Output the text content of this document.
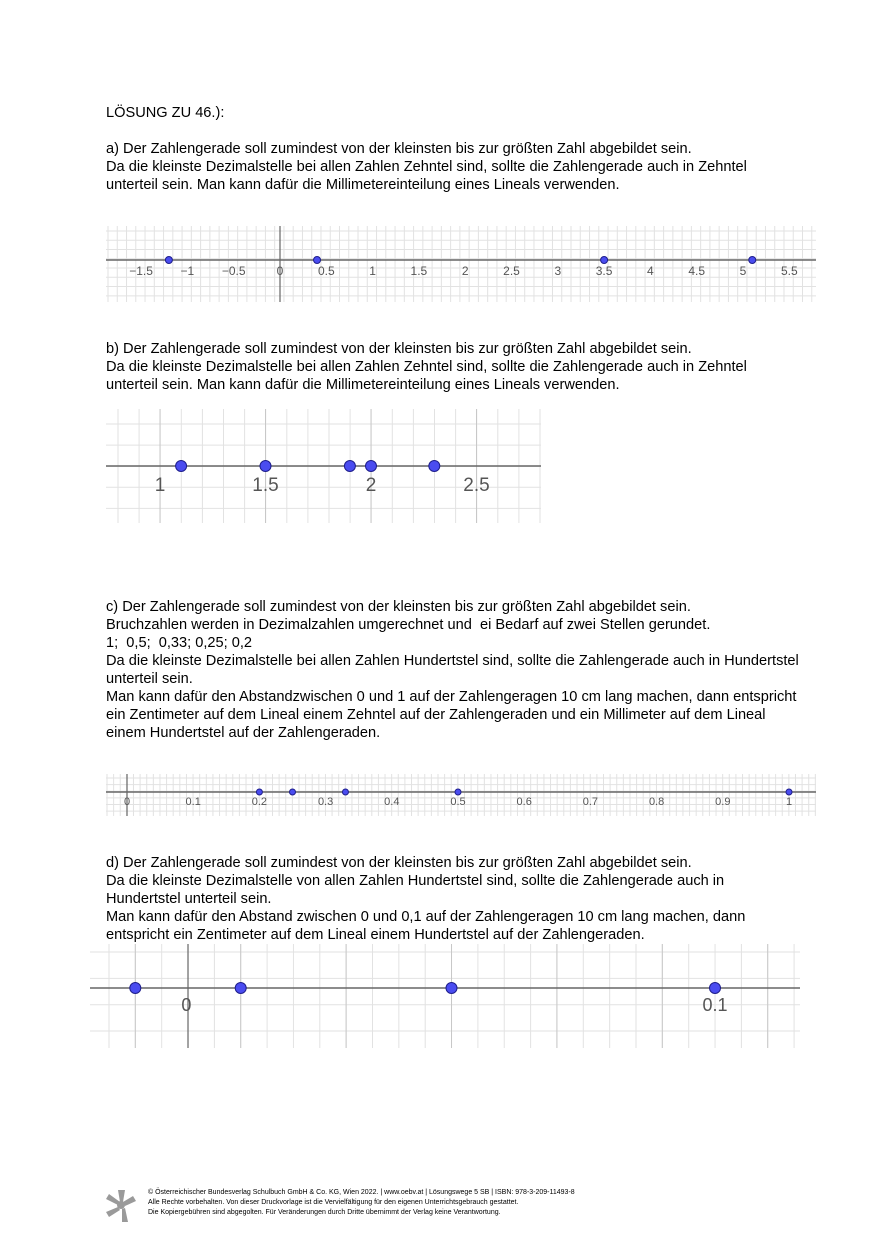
LÖSUNG ZU 46.):

a) Der Zahlengerade soll zumindest von der kleinsten bis zur größten Zahl abgebildet sein.

Da die kleinste Dezimalstelle bei allen Zahlen Zehntel sind, sollte die Zahlengerade auch in Zehntel

unterteil sein. Man kann dafür die Millimetereinteilung eines Lineals verwenden.

−1.5 −1 −0.5	0	0.5	1	1.5	2	2.5	3	3.5	4	4.5	5	5.5

b) Der Zahlengerade soll zumindest von der kleinsten bis zur größten Zahl abgebildet sein.

Da die kleinste Dezimalstelle bei allen Zahlen Zehntel sind, sollte die Zahlengerade auch in Zehntel

unterteil sein. Man kann dafür die Millimetereinteilung eines Lineals verwenden.

1	1.5	2	2.5

c) Der Zahlengerade soll zumindest von der kleinsten bis zur größten Zahl abgebildet sein.

Bruchzahlen werden in Dezimalzahlen umgerechnet und  ei Bedarf auf zwei Stellen gerundet.

1;  0,5;  0,33; 0,25; 0,2

Da die kleinste Dezimalstelle bei allen Zahlen Hundertstel sind, sollte die Zahlengerade auch in Hundertstel

unterteil sein.

Man kann dafür den Abstandzwischen 0 und 1 auf der Zahlengeragen 10 cm lang machen, dann entspricht

ein Zentimeter auf dem Lineal einem Zehntel auf der Zahlengeraden und ein Millimeter auf dem Lineal

einem Hundertstel auf der Zahlengeraden.

0	0.1	0.2	0.3	0.4	0.5	0.6	0.7	0.8	0.9	1

d) Der Zahlengerade soll zumindest von der kleinsten bis zur größten Zahl abgebildet sein.

Da die kleinste Dezimalstelle von allen Zahlen Hundertstel sind, sollte die Zahlengerade auch in

Hundertstel unterteil sein.

Man kann dafür den Abstand zwischen 0 und 0,1 auf der Zahlengeragen 10 cm lang machen, dann

entspricht ein Zentimeter auf dem Lineal einem Hundertstel auf der Zahlengeraden.

0	0.1

© Österreichischer Bundesverlag Schulbuch GmbH & Co. KG, Wien 2022. | www.oebv.at | Lösungswege 5 SB | ISBN: 978-3-209-11493-8

Alle Rechte vorbehalten. Von dieser Druckvorlage ist die Vervielfältigung für den eigenen Unterrichtsgebrauch gestattet.

Die Kopiergebühren sind abgegolten. Für Veränderungen durch Dritte übernimmt der Verlag keine Verantwortung.
